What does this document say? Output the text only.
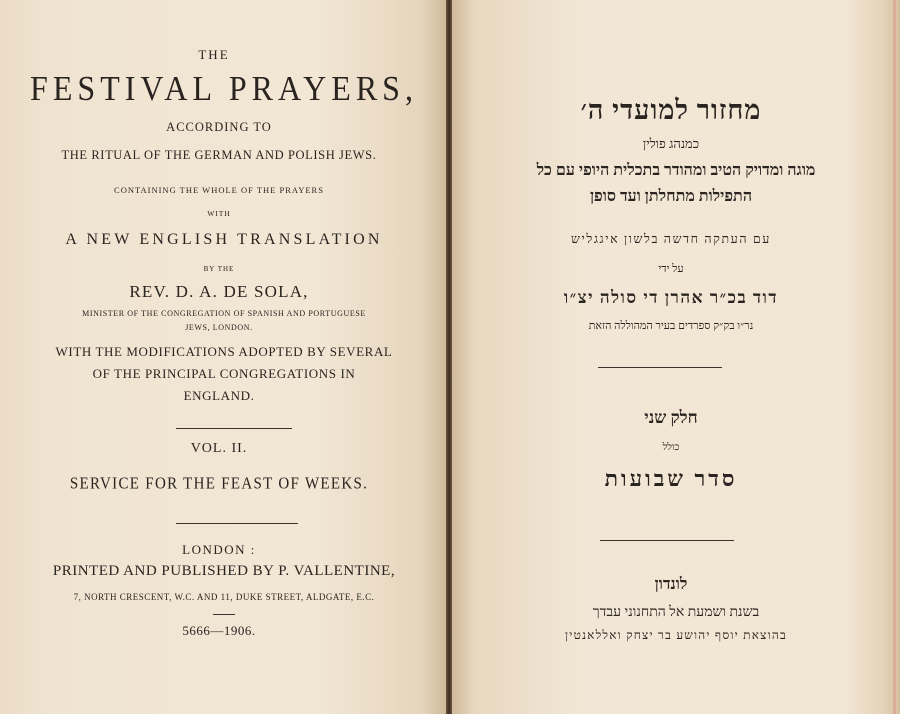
THE
FESTIVAL PRAYERS,
ACCORDING TO
THE RITUAL OF THE GERMAN AND POLISH JEWS.
CONTAINING THE WHOLE OF THE PRAYERS
WITH
A NEW ENGLISH TRANSLATION
BY THE
REV. D. A. DE SOLA,
MINISTER OF THE CONGREGATION OF SPANISH AND PORTUGUESE
JEWS, LONDON.
WITH THE MODIFICATIONS ADOPTED BY SEVERAL
OF THE PRINCIPAL CONGREGATIONS IN
ENGLAND.
VOL. II.
SERVICE FOR THE FEAST OF WEEKS.
LONDON :
PRINTED AND PUBLISHED BY P. VALLENTINE,
7, NORTH CRESCENT, W.C. AND 11, DUKE STREET, ALDGATE, E.C.
5666—1906.
מחזור למועדי ה׳
כמנהג פולין
מוגה ומדויק הטיב ומהודר בתכלית היופי עם כל
התפילות מתחלתן ועד סופן
עם העתקה חדשה בלשון איגגליש
על ידי
דוד בכ״ר אהרן די סולה יצ״ו
נר״ו בק״ק ספרדים בעיר המהוללה הזאת
חלק שני
כולל
סדר שבועות
לונדון
בשנת ושמעת אל התחנוני עבדך
בהוצאת יוסף יהושע בר יצחק ואללאנטין
